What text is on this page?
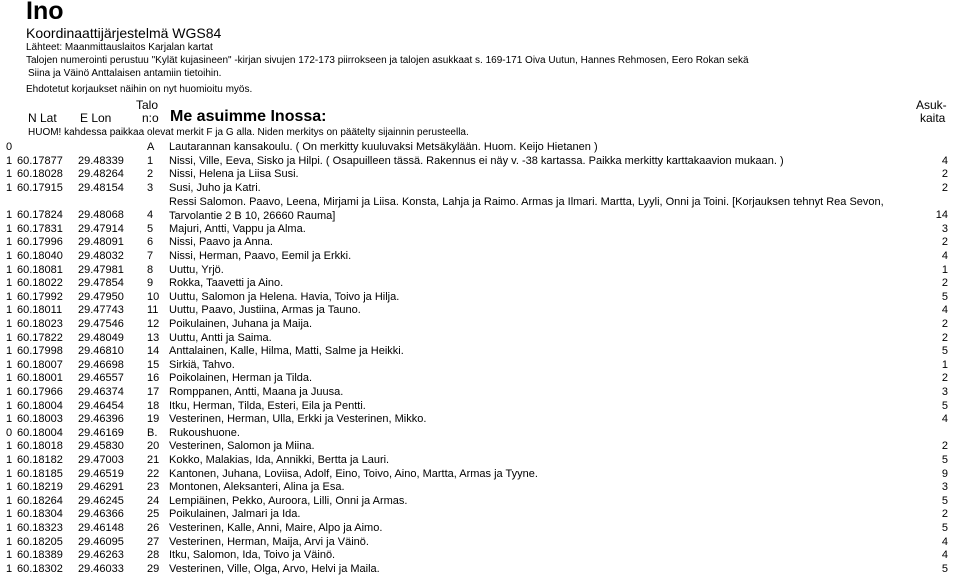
Ino
Koordinaattijärjestelmä WGS84
Lähteet: Maanmittauslaitos Karjalan kartat
Talojen numerointi perustuu "Kylät kujasineen" -kirjan sivujen 172-173 piirrokseen ja talojen asukkaat s. 169-171 Oiva Uutun, Hannes Rehmosen, Eero Rokan sekä
Siina ja Väinö Anttalaisen antamiin tietoihin.
Ehdotetut korjaukset näihin on nyt huomioitu myös.
N Lat E Lon
Talo
n:o Me asuimme Inossa:
Asuk-
kaita
HUOM! kahdessa paikkaa olevat merkit F ja G alla. Niden merkitys on päätelty sijainnin perusteella.
0	A Lautarannan kansakoulu. ( On merkitty kuuluvaksi Metsäkylään. Huom. Keijo Hietanen )
1 60.17877 29.48339 1 Nissi, Ville, Eeva, Sisko ja Hilpi. ( Osapuilleen tässä. Rakennus ei näy v. -38 kartassa. Paikka merkitty karttakaavion mukaan. )	4
1 60.18028 29.48264 2 Nissi, Helena ja Liisa Susi.	2
1 60.17915 29.48154 3 Susi, Juho ja Katri.	2
1 60.17824 29.48068 4
Ressi Salomon. Paavo, Leena, Mirjami ja Liisa. Konsta, Lahja ja Raimo. Armas ja Ilmari. Martta, Lyyli, Onni ja Toini. [Korjauksen tehnyt Rea Sevon,
Tarvolantie 2 B 10, 26660 Rauma]	14
1 60.17831 29.47914 5 Majuri, Antti, Vappu ja Alma.	3
1 60.17996 29.48091 6 Nissi, Paavo ja Anna.	2
1 60.18040 29.48032 7 Nissi, Herman, Paavo, Eemil ja Erkki.	4
1 60.18081 29.47981 8 Uuttu, Yrjö.	1
1 60.18022 29.47854 9 Rokka, Taavetti ja Aino.	2
1 60.17992 29.47950 10 Uuttu, Salomon ja Helena. Havia, Toivo ja Hilja.	5
1 60.18011 29.47743 11 Uuttu, Paavo, Justiina, Armas ja Tauno.	4
1 60.18023 29.47546 12 Poikulainen, Juhana ja Maija.	2
1 60.17822 29.48049 13 Uuttu, Antti ja Saima.	2
1 60.17998 29.46810 14 Anttalainen, Kalle, Hilma, Matti, Salme ja Heikki.	5
1 60.18007 29.46698 15 Sirkiä, Tahvo.	1
1 60.18001 29.46557 16 Poikolainen, Herman ja Tilda.	2
1 60.17966 29.46374 17 Romppanen, Antti, Maana ja Juusa.	3
1 60.18004 29.46454 18 Itku, Herman, Tilda, Esteri, Eila ja Pentti.	5
1 60.18003 29.46396 19 Vesterinen, Herman, Ulla, Erkki ja Vesterinen, Mikko.	4
0 60.18004 29.46169 B. Rukoushuone.
1 60.18018 29.45830 20 Vesterinen, Salomon ja Miina.	2
1 60.18182 29.47003 21 Kokko, Malakias, Ida, Annikki, Bertta ja Lauri.	5
1 60.18185 29.46519 22 Kantonen, Juhana, Loviisa, Adolf, Eino, Toivo, Aino, Martta, Armas ja Tyyne.	9
1 60.18219 29.46291 23 Montonen, Aleksanteri, Alina ja Esa.	3
1 60.18264 29.46245 24 Lempiäinen, Pekko, Auroora, Lilli, Onni ja Armas.	5
1 60.18304 29.46366 25 Poikulainen, Jalmari ja Ida.	2
1 60.18323 29.46148 26 Vesterinen, Kalle, Anni, Maire, Alpo ja Aimo.	5
1 60.18205 29.46095 27 Vesterinen, Herman, Maija, Arvi ja Väinö.	4
1 60.18389 29.46263 28 Itku, Salomon, Ida, Toivo ja Väinö.	4
1 60.18302 29.46033 29 Vesterinen, Ville, Olga, Arvo, Helvi ja Maila.	5
